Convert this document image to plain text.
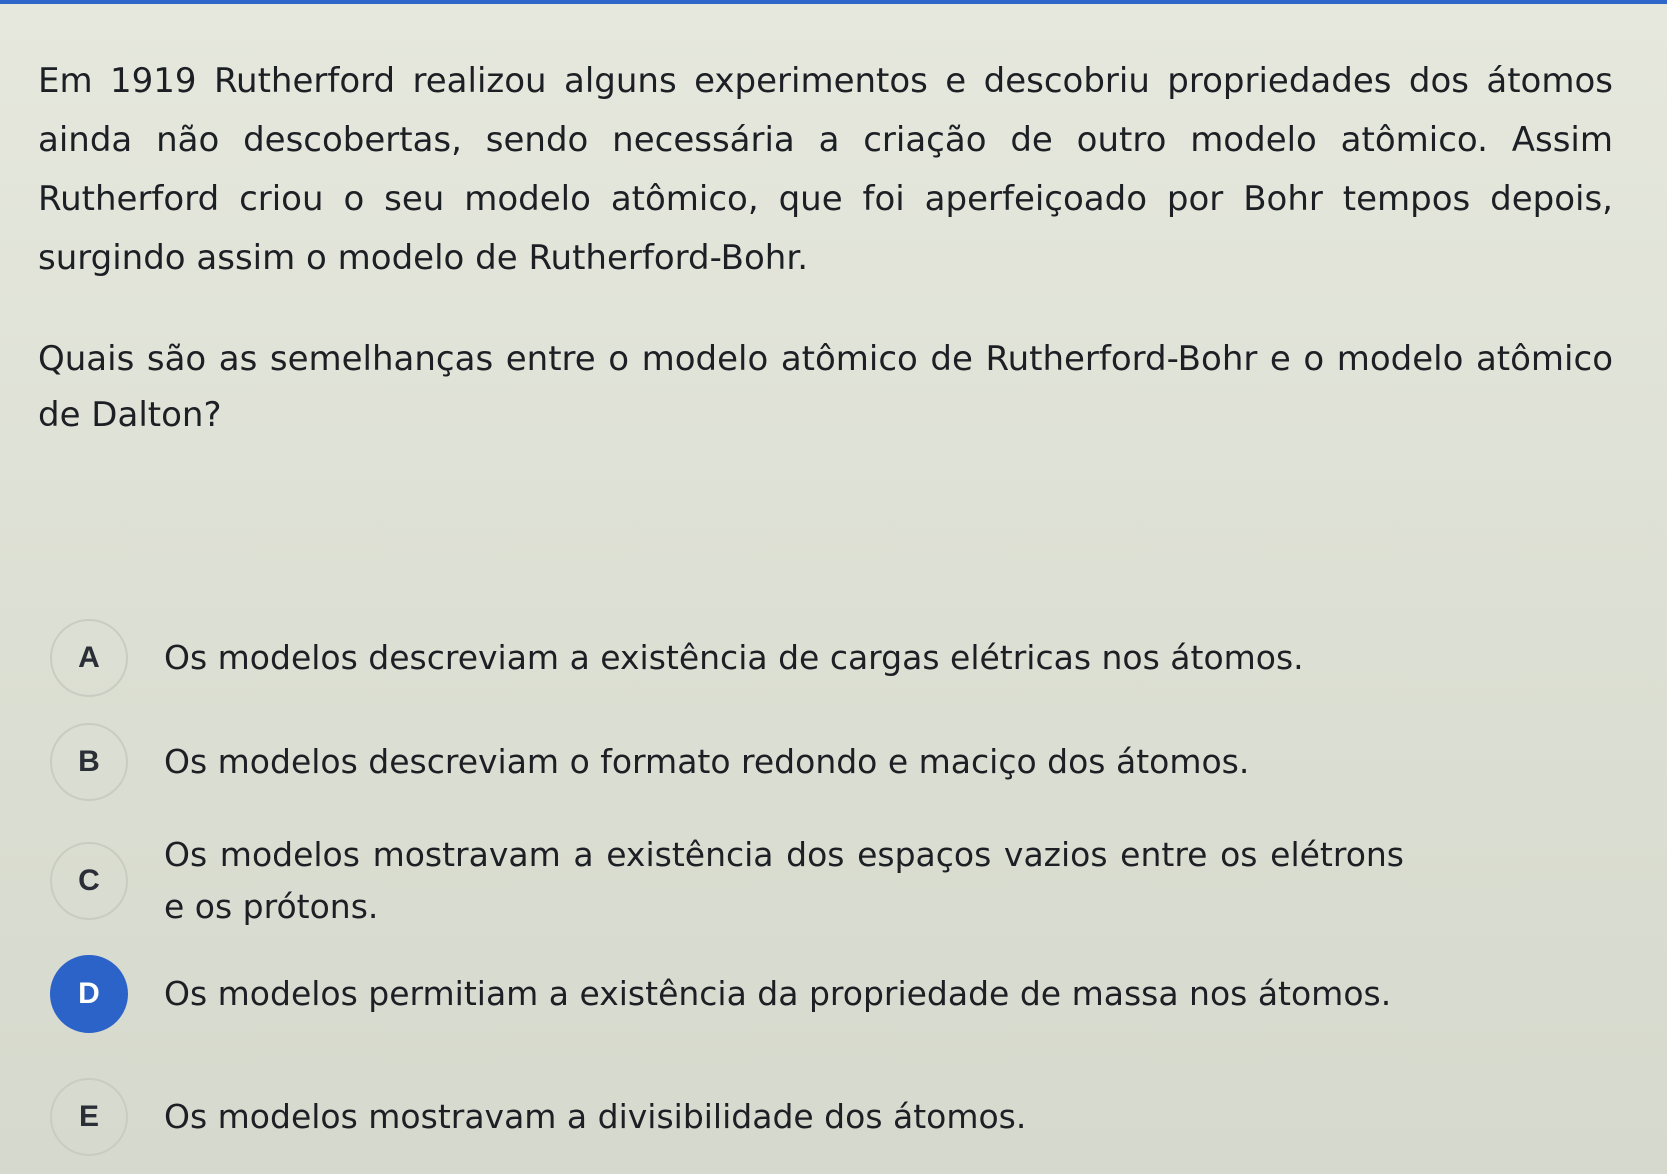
Em 1919 Rutherford realizou alguns experimentos e descobriu propriedades dos átomos ainda não descobertas, sendo necessária a criação de outro modelo atômico. Assim Rutherford criou o seu modelo atômico, que foi aperfeiçoado por Bohr tempos depois, surgindo assim o modelo de Rutherford-Bohr.
Quais são as semelhanças entre o modelo atômico de Rutherford-Bohr e o modelo atômico de Dalton?
A	Os modelos descreviam a existência de cargas elétricas nos átomos.
B	Os modelos descreviam o formato redondo e maciço dos átomos.
C
Os modelos mostravam a existência dos espaços vazios entre os elétrons e os prótons.
D	Os modelos permitiam a existência da propriedade de massa nos átomos.
E	Os modelos mostravam a divisibilidade dos átomos.
